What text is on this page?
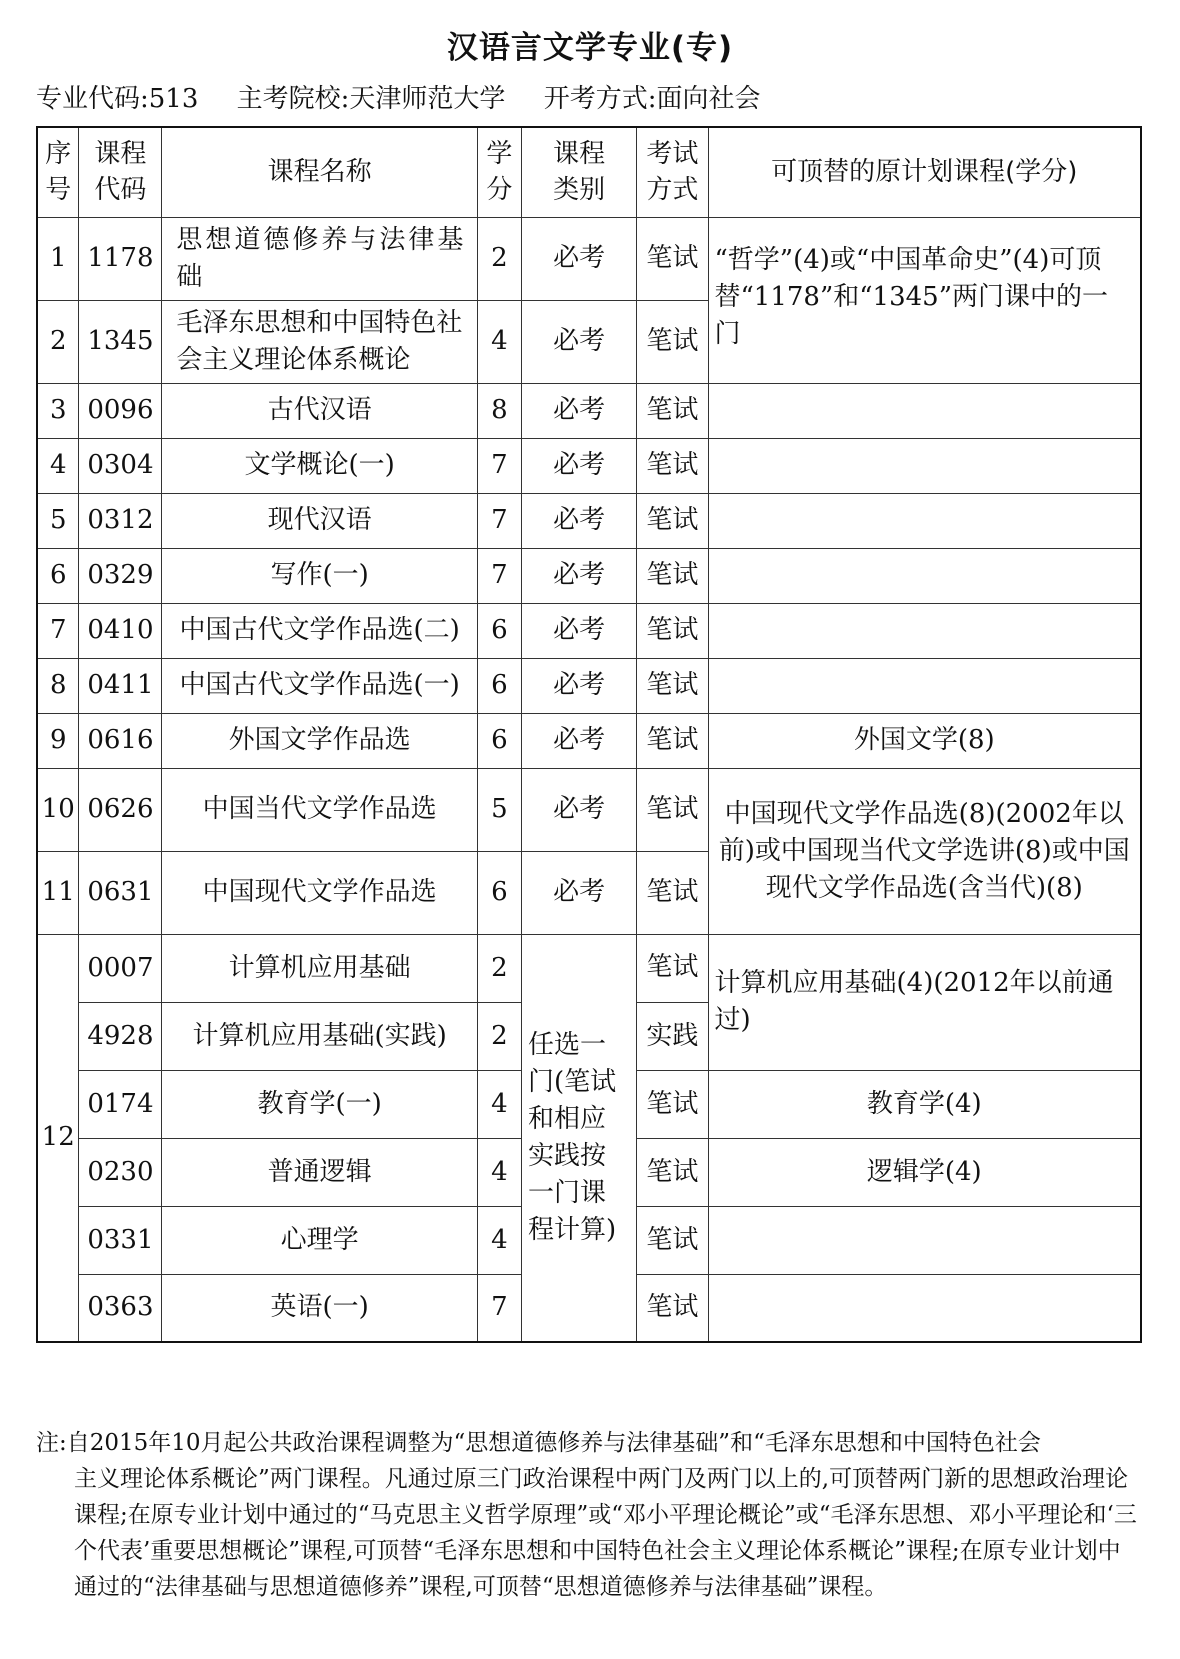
汉语言文学专业(专)
专业代码:513 主考院校:天津师范大学 开考方式:面向社会
序号	课程代码	课程名称	学分	课程类别	考试方式	可顶替的原计划课程(学分)
1	1178	思想道德修养与法律基础	2	必考	笔试	“哲学”(4)或“中国革命史”(4)可顶替“1178”和“1345”两门课中的一门
2	1345	毛泽东思想和中国特色社会主义理论体系概论	4	必考	笔试	
3	0096	古代汉语	8	必考	笔试	
4	0304	文学概论(一)	7	必考	笔试	
5	0312	现代汉语	7	必考	笔试	
6	0329	写作(一)	7	必考	笔试	
7	0410	中国古代文学作品选(二)	6	必考	笔试	
8	0411	中国古代文学作品选(一)	6	必考	笔试	
9	0616	外国文学作品选	6	必考	笔试	外国文学(8)
10	0626	中国当代文学作品选	5	必考	笔试	中国现代文学作品选(8)(2002年以前)或中国现当代文学选讲(8)或中国现代文学作品选(含当代)(8)
11	0631	中国现代文学作品选	6	必考	笔试	
12	0007	计算机应用基础	2	任选一门(笔试和相应实践按一门课程计算)	笔试	计算机应用基础(4)(2012年以前通过)
	4928	计算机应用基础(实践)	2		实践	
	0174	教育学(一)	4		笔试	教育学(4)
	0230	普通逻辑	4		笔试	逻辑学(4)
	0331	心理学	4		笔试	
	0363	英语(一)	7		笔试	
注:自2015年10月起公共政治课程调整为“思想道德修养与法律基础”和“毛泽东思想和中国特色社会
主义理论体系概论”两门课程。凡通过原三门政治课程中两门及两门以上的,可顶替两门新的思想政治理论课程;在原专业计划中通过的“马克思主义哲学原理”或“邓小平理论概论”或“毛泽东思想、邓小平理论和‘三个代表’重要思想概论”课程,可顶替“毛泽东思想和中国特色社会主义理论体系概论”课程;在原专业计划中通过的“法律基础与思想道德修养”课程,可顶替“思想道德修养与法律基础”课程。
